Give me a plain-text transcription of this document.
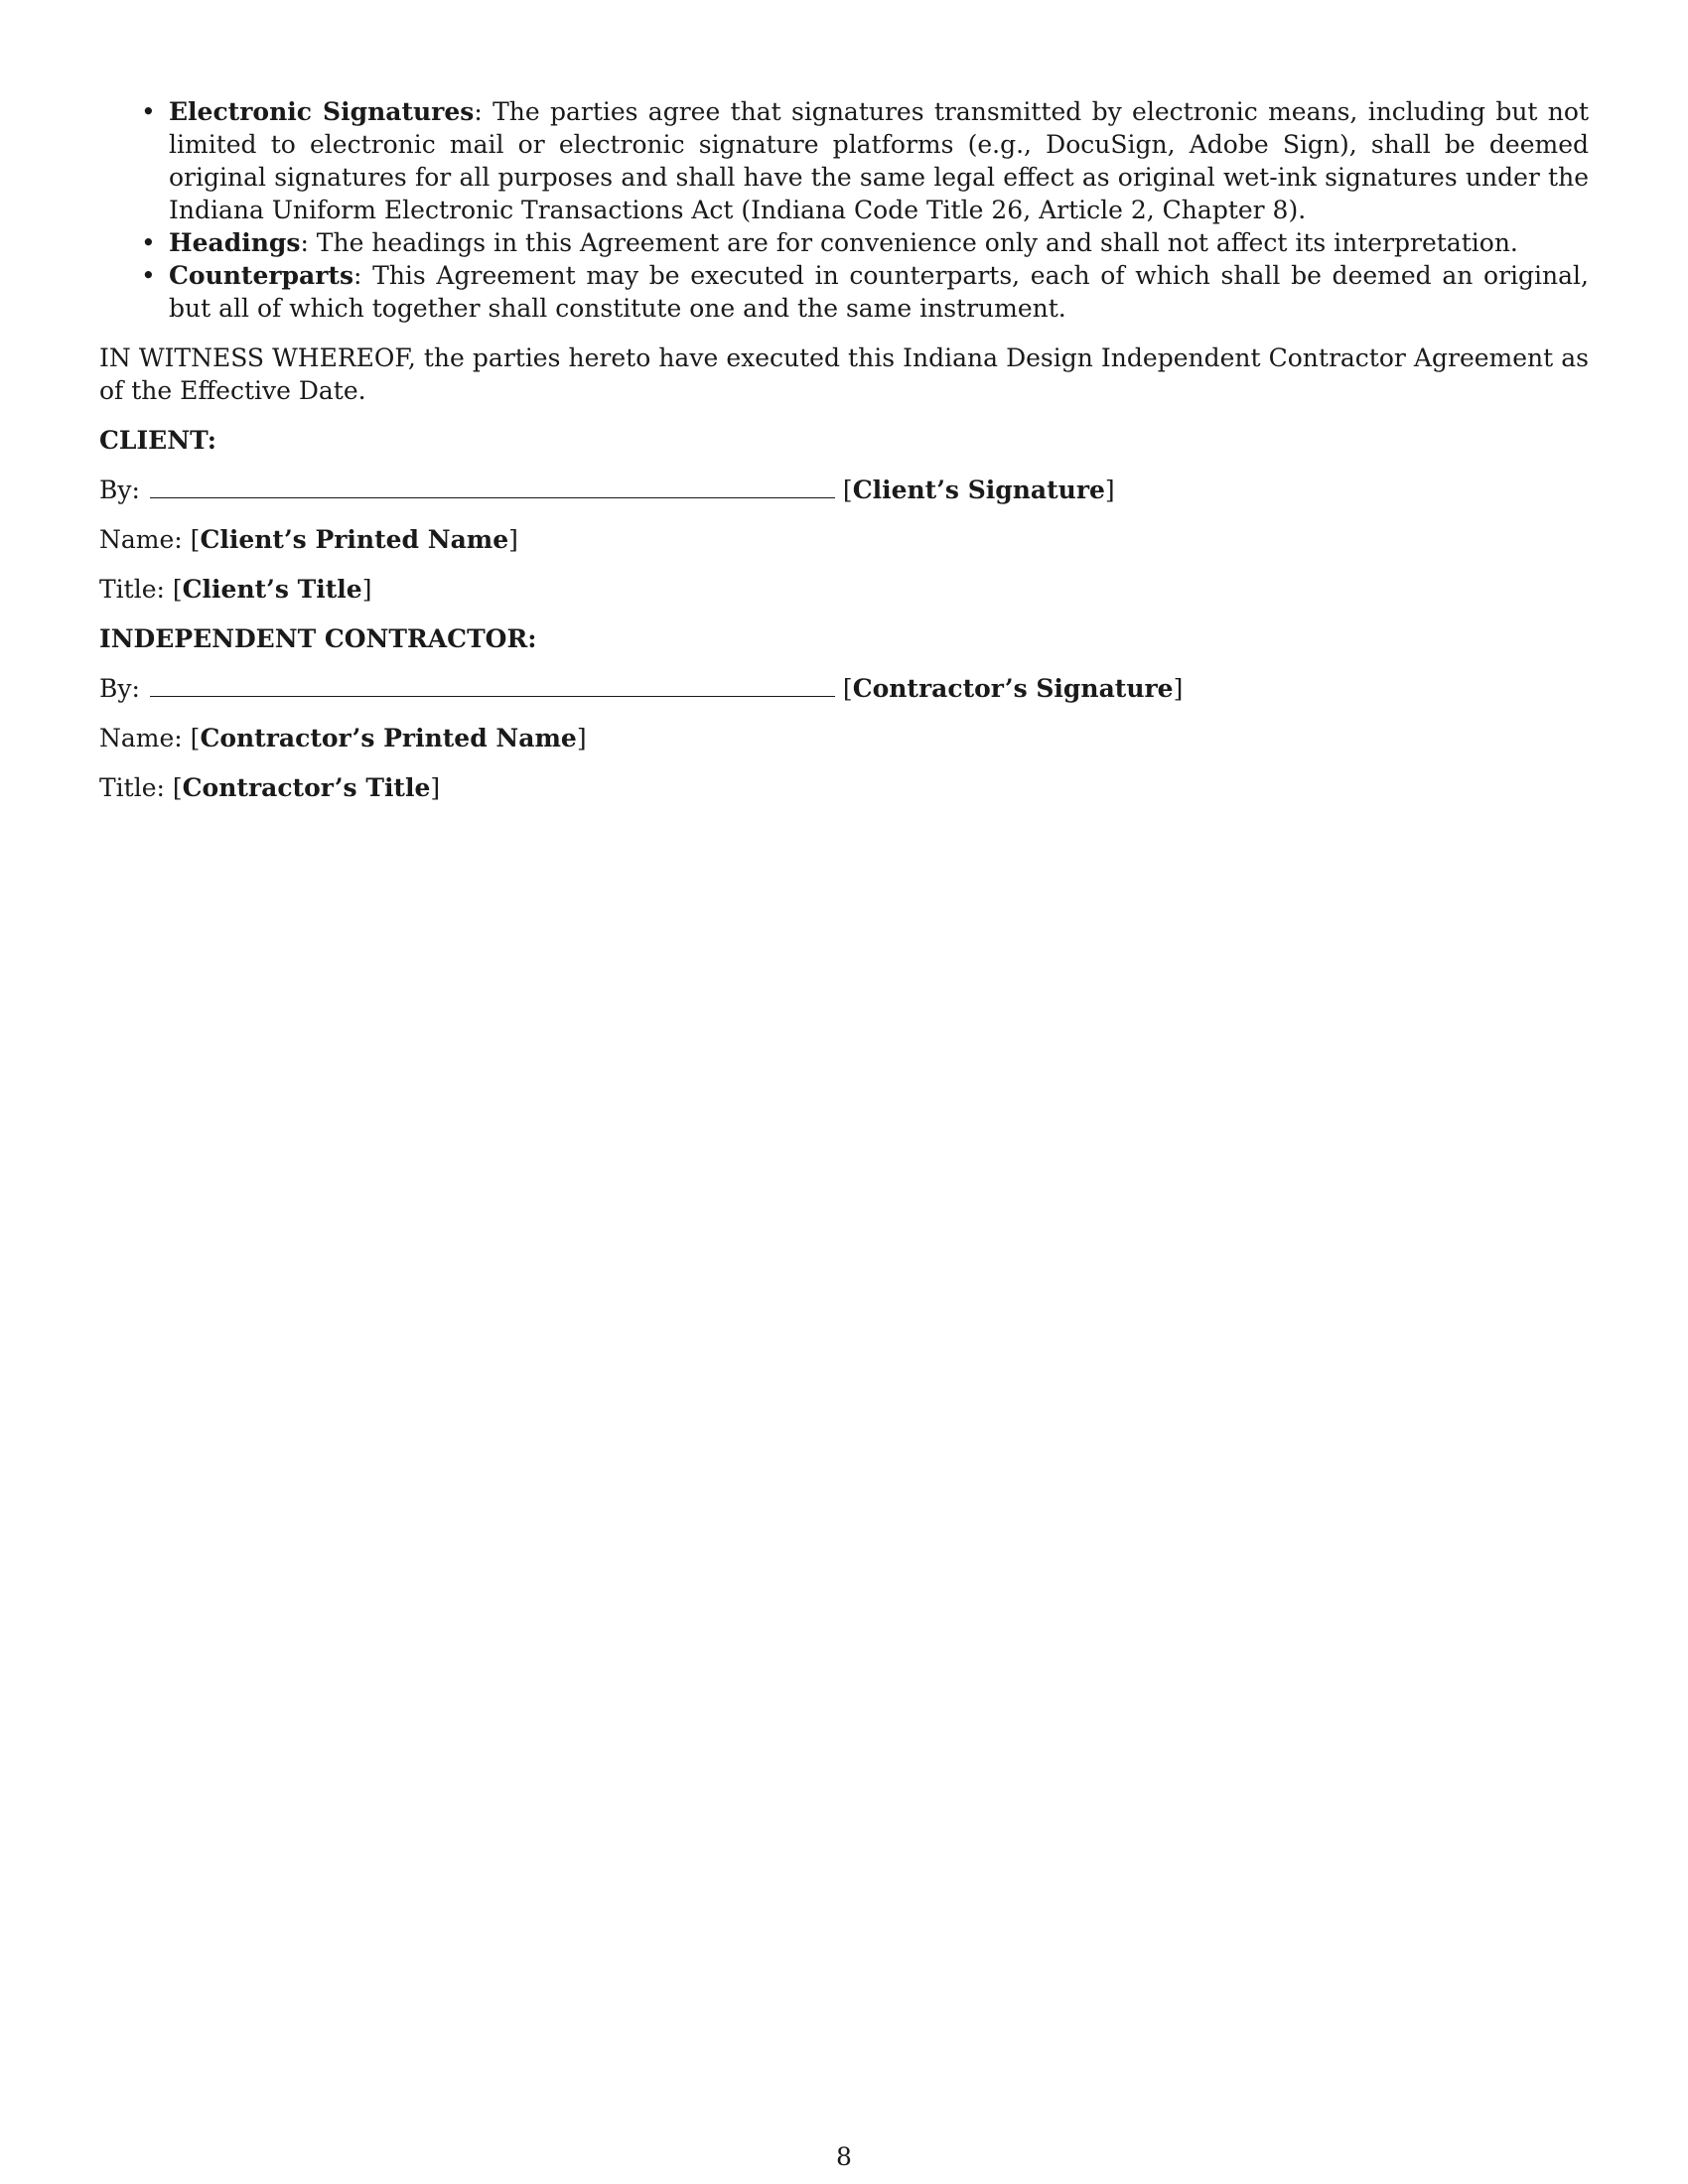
• Electronic Signatures: The parties agree that signatures transmitted by electronic means, including but not limited to electronic mail or electronic signature platforms (e.g., DocuSign, Adobe Sign), shall be deemed original signatures for all purposes and shall have the same legal effect as original wet-ink signatures under the Indiana Uniform Electronic Transactions Act (Indiana Code Title 26, Article 2, Chapter 8).
• Headings: The headings in this Agreement are for convenience only and shall not affect its interpretation.
• Counterparts: This Agreement may be executed in counterparts, each of which shall be deemed an original, but all of which together shall constitute one and the same instrument.

IN WITNESS WHEREOF, the parties hereto have executed this Indiana Design Independent Contractor Agreement as of the Effective Date.

CLIENT:
By:	[Client’s Signature]
Name: [Client’s Printed Name]
Title: [Client’s Title]
INDEPENDENT CONTRACTOR:
By:	[Contractor’s Signature]
Name: [Contractor’s Printed Name]
Title: [Contractor’s Title]
8
